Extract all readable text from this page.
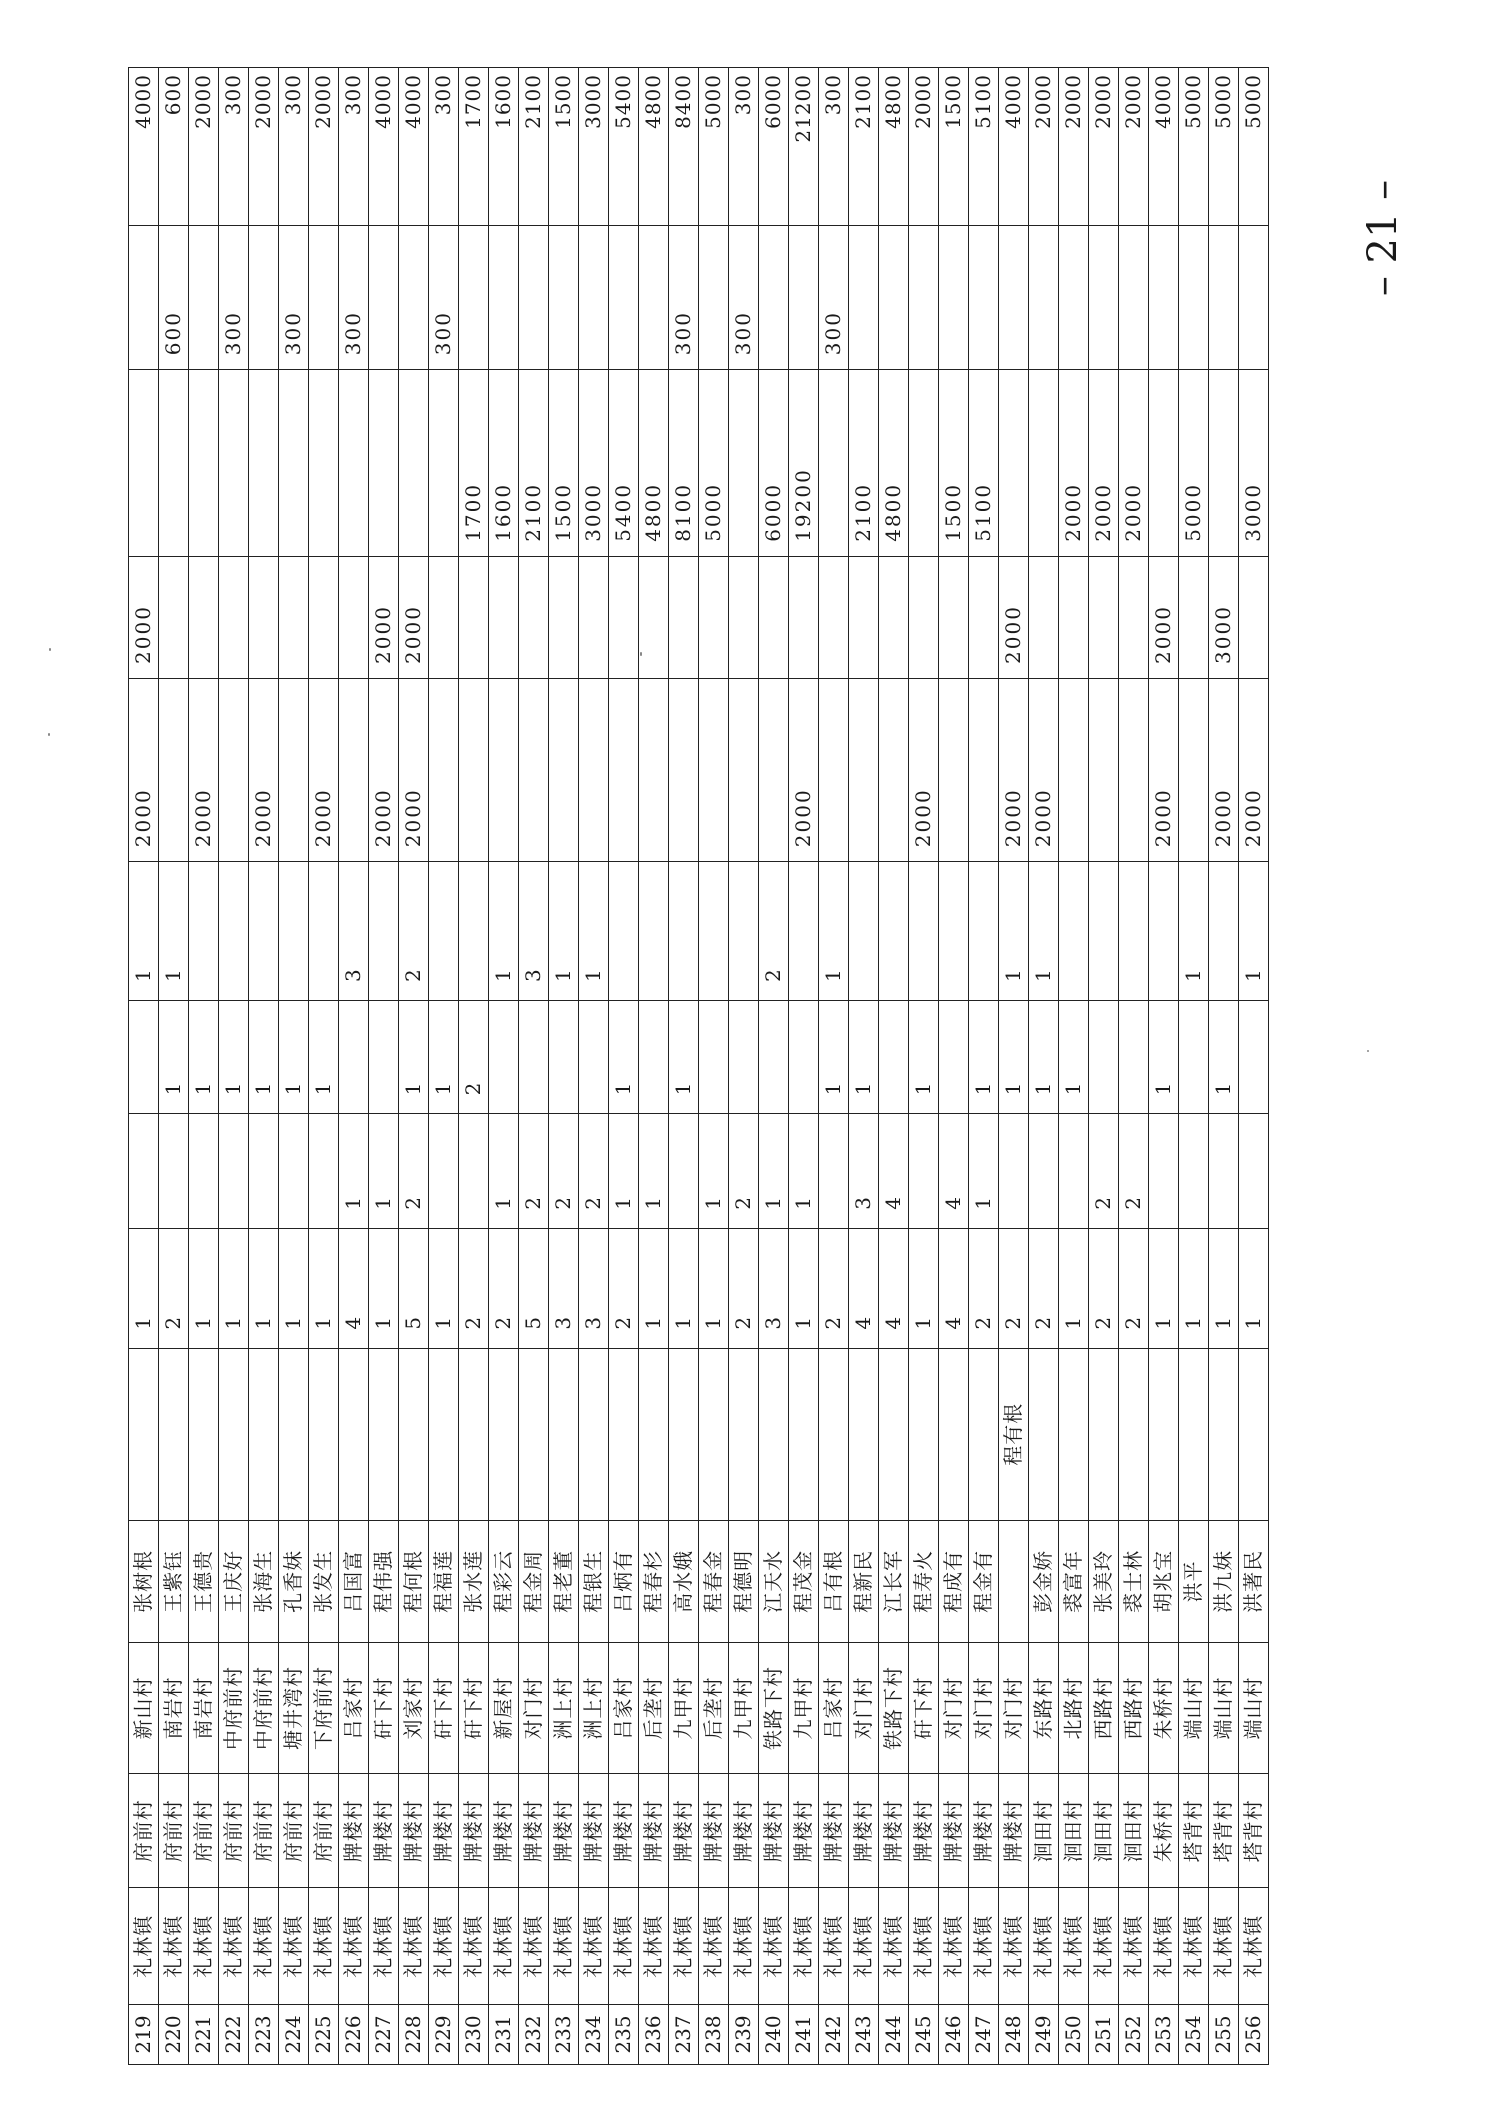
219	礼林镇	府前村	新山村	张树根		1			1	2000	2000			4000
220	礼林镇	府前村	南岩村	王紫钰		2		1	1				600	600
221	礼林镇	府前村	南岩村	王德贵		1		1		2000				2000
222	礼林镇	府前村	中府前村	王庆好		1		1					300	300
223	礼林镇	府前村	中府前村	张海生		1		1		2000				2000
224	礼林镇	府前村	塘井湾村	孔香妹		1		1					300	300
225	礼林镇	府前村	下府前村	张发生		1		1		2000				2000
226	礼林镇	牌楼村	吕家村	吕国富		4	1		3				300	300
227	礼林镇	牌楼村	矸下村	程伟强		1	1			2000	2000			4000
228	礼林镇	牌楼村	刘家村	程何根		5	2	1	2	2000	2000			4000
229	礼林镇	牌楼村	矸下村	程福莲		1		1					300	300
230	礼林镇	牌楼村	矸下村	张水莲		2		2				1700		1700
231	礼林镇	牌楼村	新屋村	程彩云		2	1		1			1600		1600
232	礼林镇	牌楼村	对门村	程金周		5	2		3			2100		2100
233	礼林镇	牌楼村	洲上村	程老董		3	2		1			1500		1500
234	礼林镇	牌楼村	洲上村	程银生		3	2		1			3000		3000
235	礼林镇	牌楼村	吕家村	吕炳有		2	1	1				5400		5400
236	礼林镇	牌楼村	后垄村	程春杉		1	1					4800		4800
237	礼林镇	牌楼村	九甲村	高水娥		1		1				8100	300	8400
238	礼林镇	牌楼村	后垄村	程春金		1	1					5000		5000
239	礼林镇	牌楼村	九甲村	程德明		2	2						300	300
240	礼林镇	牌楼村	铁路下村	江天水		3	1		2			6000		6000
241	礼林镇	牌楼村	九甲村	程茂金		1	1			2000		19200		21200
242	礼林镇	牌楼村	吕家村	吕有根		2		1	1				300	300
243	礼林镇	牌楼村	对门村	程新民		4	3	1				2100		2100
244	礼林镇	牌楼村	铁路下村	江长军		4	4					4800		4800
245	礼林镇	牌楼村	矸下村	程寿火		1		1		2000				2000
246	礼林镇	牌楼村	对门村	程成有		4	4					1500		1500
247	礼林镇	牌楼村	对门村	程金有		2	1	1				5100		5100
248	礼林镇	牌楼村	对门村		程有根	2		1	1	2000	2000			4000
249	礼林镇	洄田村	东路村	彭金娇		2		1	1	2000				2000
250	礼林镇	洄田村	北路村	裘富年		1		1				2000		2000
251	礼林镇	洄田村	西路村	张美玲		2	2					2000		2000
252	礼林镇	洄田村	西路村	裘士林		2	2					2000		2000
253	礼林镇	朱桥村	朱桥村	胡兆宝		1		1		2000	2000			4000
254	礼林镇	塔背村	端山村	洪平		1			1			5000		5000
255	礼林镇	塔背村	端山村	洪九妹		1		1		2000	3000			5000
256	礼林镇	塔背村	端山村	洪著民		1			1	2000		3000		5000
– 21 –
